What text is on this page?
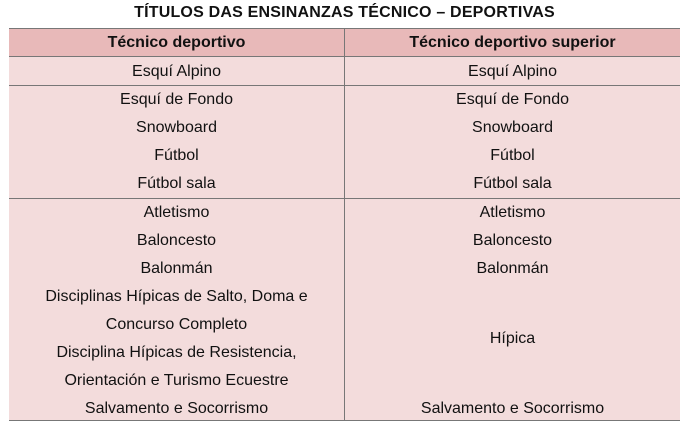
TÍTULOS DAS ENSINANZAS TÉCNICO – DEPORTIVAS
Técnico deportivo	Técnico deportivo superior
Esquí Alpino	Esquí Alpino
Esquí de Fondo
Snowboard
Fútbol
Fútbol sala
Esquí de Fondo
Snowboard
Fútbol
Fútbol sala
Atletismo
Baloncesto
Balonmán
Disciplinas Hípicas de Salto, Doma e
Concurso Completo
Disciplina Hípicas de Resistencia,
Orientación e Turismo Ecuestre
Salvamento e Socorrismo
Atletismo
Baloncesto
Balonmán
Hípica
Salvamento e Socorrismo
